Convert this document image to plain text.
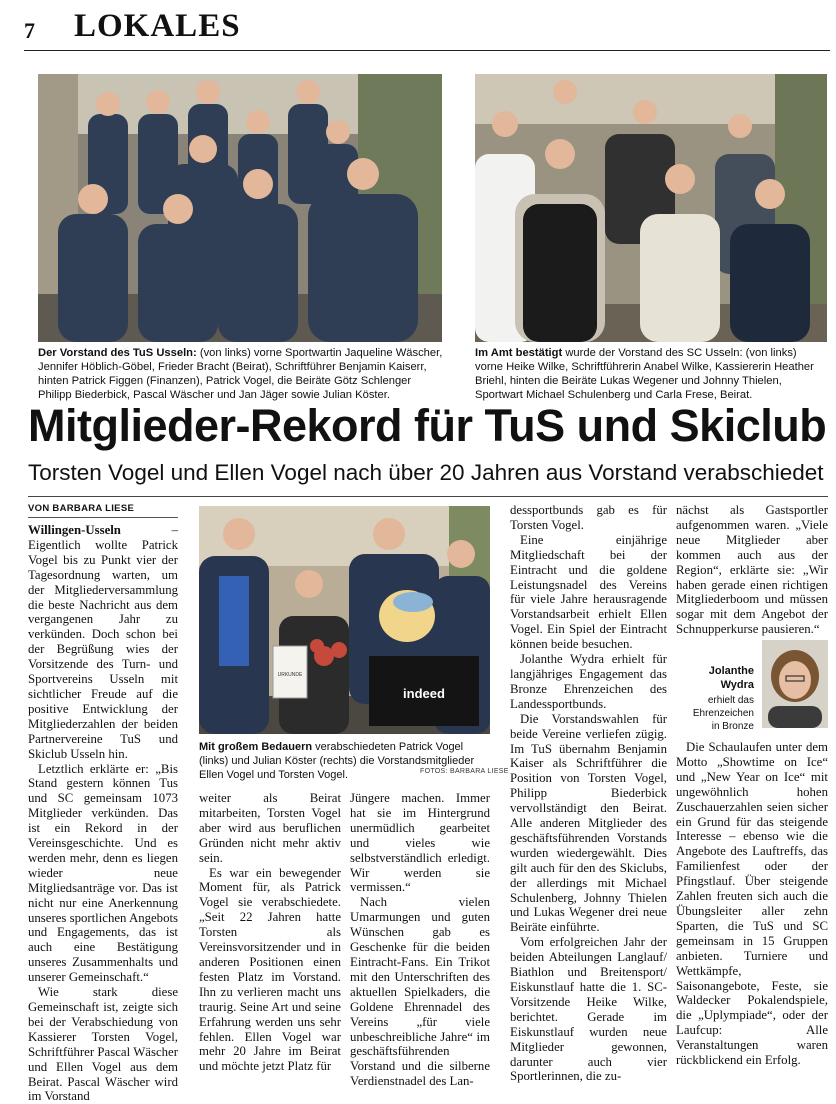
7 LOKALES
Der Vorstand des TuS Usseln: (von links) vorne Sportwartin Jaqueline Wäscher, Jennifer Höblich-Göbel, Frieder Bracht (Beirat), Schriftführer Benjamin Kaiserr, hinten Patrick Figgen (Finanzen), Patrick Vogel, die Beiräte Götz Schlenger Philipp Biederbick, Pascal Wäscher und Jan Jäger sowie Julian Köster.
Im Amt bestätigt wurde der Vorstand des SC Usseln: (von links) vorne Heike Wilke, Schriftführerin Anabel Wilke, Kassiererin Heather Briehl, hinten die Beiräte Lukas Wegener und Johnny Thielen, Sportwart Michael Schulenberg und Carla Frese, Beirat.
Mitglieder-Rekord für TuS und Skiclub
Torsten Vogel und Ellen Vogel nach über 20 Jahren aus Vorstand verabschiedet
VON BARBARA LIESE

Willingen-Usseln	– Eigentlich wollte Patrick Vogel bis zu Punkt vier der Tagesordnung warten, um der Mitgliederversammlung die beste Nachricht aus dem vergangenen Jahr zu verkünden. Doch schon bei der Begrüßung wies der Vorsitzende des Turn- und Sportvereins Usseln mit sichtlicher Freude auf die positive Entwicklung der Mitgliederzahlen der beiden Partnervereine TuS und Skiclub Usseln hin.

Letztlich erklärte er: „Bis Stand gestern können Tus und SC gemeinsam 1073 Mitglieder verkünden. Das ist ein Rekord in der Vereinsgeschichte. Und es werden mehr, denn es liegen wieder neue Mitgliedsanträge vor. Das ist nicht nur eine Anerkennung unseres sportlichen Angebots und Engagements, das ist auch eine Bestätigung unseres Zusammenhalts und unserer Gemeinschaft.“

Wie stark diese Gemeinschaft ist, zeigte sich bei der Verabschiedung von Kassierer Torsten Vogel, Schriftführer Pascal Wäscher und Ellen Vogel aus dem Beirat. Pascal Wäscher wird im Vorstand

URKUNDE
indeed
Mit großem Bedauern verabschiedeten Patrick Vogel (links) und Julian Köster (rechts) die Vorstandsmitglieder Ellen Vogel und Torsten Vogel.	FOTOS: BARBARA LIESE

weiter als Beirat mitarbeiten, Torsten Vogel aber wird aus beruflichen Gründen nicht mehr aktiv sein.

Es war ein bewegender Moment für, als Patrick Vogel sie verabschiedete. „Seit 22 Jahren hatte Torsten als Vereinsvorsitzender und in anderen Positionen einen festen Platz im Vorstand. Ihn zu verlieren macht uns traurig. Seine Art und seine Erfahrung werden uns sehr fehlen. Ellen Vogel war mehr 20 Jahre im Beirat und möchte jetzt Platz für

Jüngere machen. Immer hat sie im Hintergrund unermüdlich gearbeitet und vieles wie selbstverständlich erledigt. Wir werden sie vermissen.“

Nach vielen Umarmungen und guten Wünschen gab es Geschenke für die beiden Eintracht-Fans. Ein Trikot mit den Unterschriften des aktuellen Spielkaders, die Goldene Ehrennadel des Vereins „für viele unbeschreibliche Jahre“ im geschäftsführenden Vorstand und die silberne Verdienstnadel des Lan-

dessportbunds gab es für Torsten Vogel.

Eine einjährige Mitgliedschaft bei der Eintracht und die goldene Leistungsnadel des Vereins für viele Jahre herausragende Vorstandsarbeit erhielt Ellen Vogel. Ein Spiel der Eintracht können beide besuchen.

Jolanthe Wydra erhielt für langjähriges Engagement das Bronze Ehrenzeichen des Landessportbunds.

Die Vorstandswahlen für beide Vereine verliefen zügig. Im TuS übernahm Benjamin Kaiser als Schriftführer die Position von Torsten Vogel, Philipp Biederbick vervollständigt den Beirat. Alle anderen Mitglieder des geschäftsführenden Vorstands wurden wiedergewählt. Dies gilt auch für den des Skiclubs, der allerdings mit Michael Schulenberg, Johnny Thielen und Lukas Wegener drei neue Beiräte einführte.

Vom erfolgreichen Jahr der beiden Abteilungen Langlauf/ Biathlon und Breitensport/ Eiskunstlauf hatte die 1. SC-Vorsitzende Heike Wilke, berichtet. Gerade im Eiskunstlauf wurden neue Mitglieder gewonnen, darunter auch vier Sportlerinnen, die zu-

nächst als Gastsportler aufgenommen waren. „Viele neue Mitglieder aber kommen auch aus der Region“, erklärte sie: „Wir haben gerade einen richtigen Mitgliederboom und müssen sogar mit dem Angebot der Schnupperkurse pausieren.“

Jolanthe Wydra
erhielt das Ehrenzeichen in Bronze

Die Schaulaufen unter dem Motto „Showtime on Ice“ und „New Year on Ice“ mit ungewöhnlich hohen Zuschauerzahlen seien sicher ein Grund für das steigende Interesse – ebenso wie die Angebote des Lauftreffs, das Familienfest oder der Pfingstlauf. Über steigende Zahlen freuten sich auch die Übungsleiter aller zehn Sparten, die TuS und SC gemeinsam in 15 Gruppen anbieten. Turniere und Wettkämpfe, Saisonangebote, Feste, sie Waldecker Pokalendspiele, die „Uplympiade“, oder der Laufcup: Alle Veranstaltungen waren rückblickend ein Erfolg.
